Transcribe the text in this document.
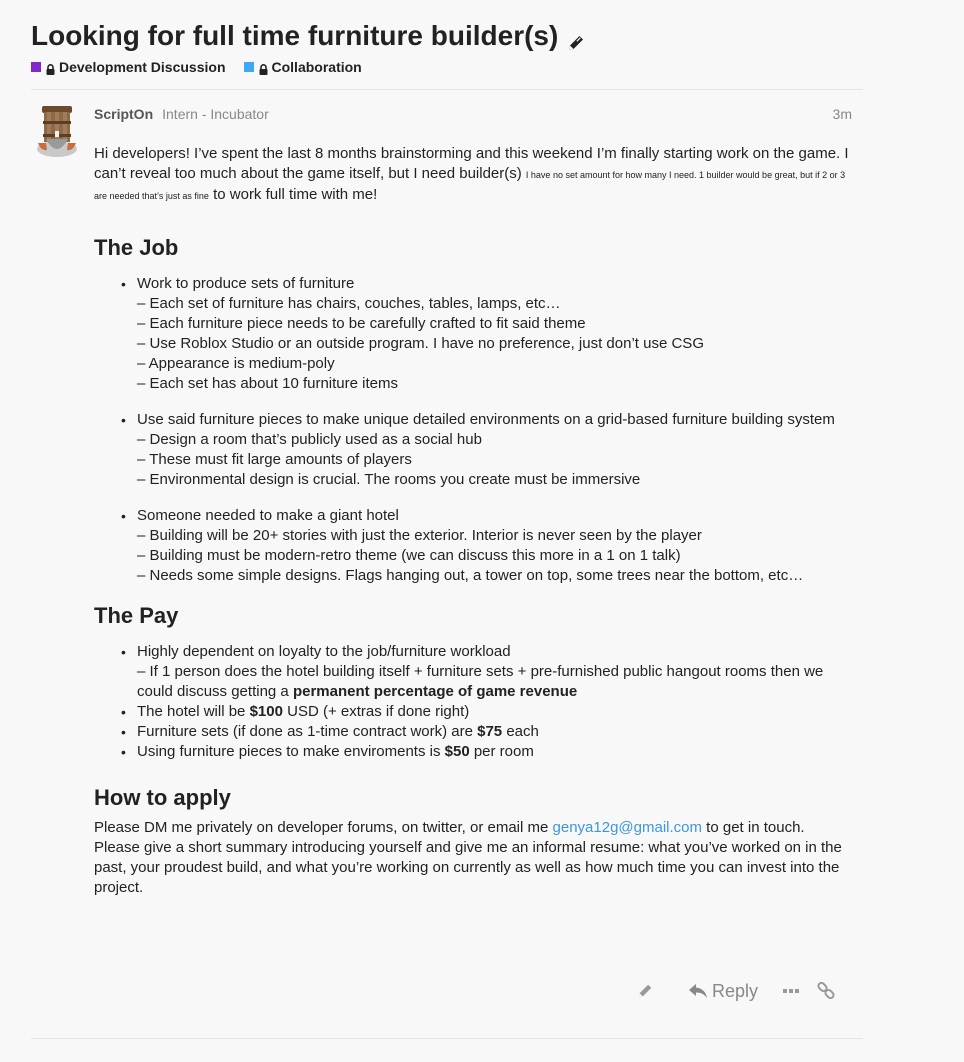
Looking for full time furniture builder(s)
Development Discussion	Collaboration
ScriptOn Intern - Incubator	3m

Hi developers! I’ve spent the last 8 months brainstorming and this weekend I’m finally starting work on the game. I can’t reveal too much about the game itself, but I need builder(s) I have no set amount for how many I need. 1 builder would be great, but if 2 or 3 are needed that’s just as fine to work full time with me!

The Job
• Work to produce sets of furniture
– Each set of furniture has chairs, couches, tables, lamps, etc…
– Each furniture piece needs to be carefully crafted to fit said theme
– Use Roblox Studio or an outside program. I have no preference, just don’t use CSG
– Appearance is medium-poly
– Each set has about 10 furniture items
• Use said furniture pieces to make unique detailed environments on a grid-based furniture building system
– Design a room that’s publicly used as a social hub
– These must fit large amounts of players
– Environmental design is crucial. The rooms you create must be immersive
• Someone needed to make a giant hotel
– Building will be 20+ stories with just the exterior. Interior is never seen by the player
– Building must be modern-retro theme (we can discuss this more in a 1 on 1 talk)
– Needs some simple designs. Flags hanging out, a tower on top, some trees near the bottom, etc…
The Pay
• Highly dependent on loyalty to the job/furniture workload
– If 1 person does the hotel building itself + furniture sets + pre-furnished public hangout rooms then we could discuss getting a permanent percentage of game revenue
• The hotel will be $100 USD (+ extras if done right)
• Furniture sets (if done as 1-time contract work) are $75 each
• Using furniture pieces to make enviroments is $50 per room
How to apply

Please DM me privately on developer forums, on twitter, or email me genya12g@gmail.com to get in touch. Please give a short summary introducing yourself and give me an informal resume: what you’ve worked on in the past, your proudest build, and what you’re working on currently as well as how much time you can invest into the project.

Reply
